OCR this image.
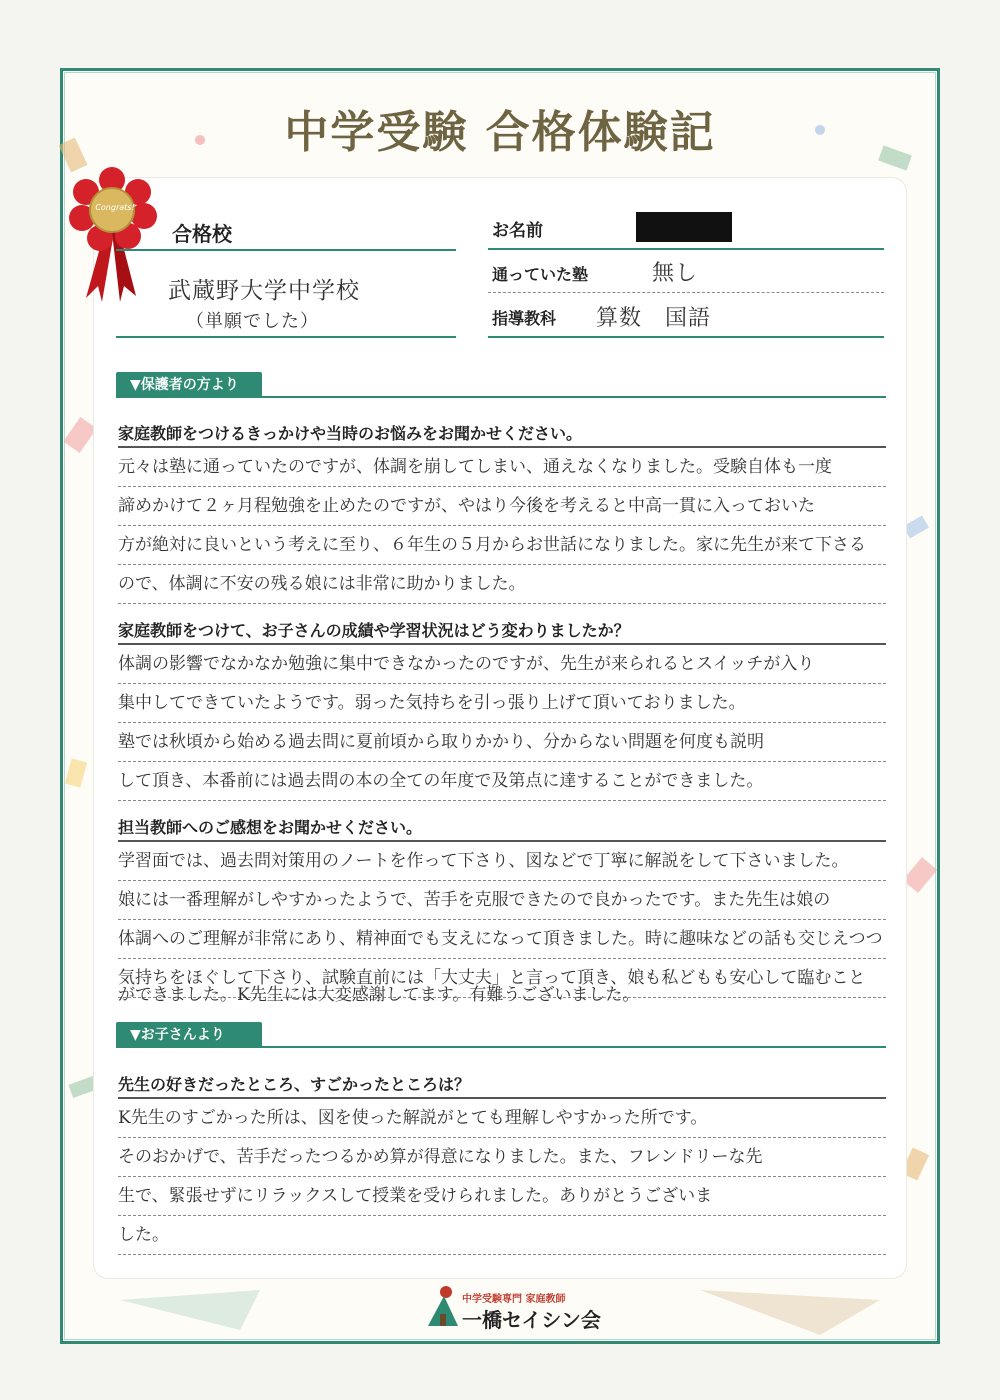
中学受験 合格体験記
Congrats!
合格校
武蔵野大学中学校
（単願でした）
お名前
通っていた塾	無し
指導教科 算数　国語
▼保護者の方より
家庭教師をつけるきっかけや当時のお悩みをお聞かせください。
元々は塾に通っていたのですが、体調を崩してしまい、通えなくなりました。受験自体も一度
諦めかけて２ヶ月程勉強を止めたのですが、やはり今後を考えると中高一貫に入っておいた
方が絶対に良いという考えに至り、６年生の５月からお世話になりました。家に先生が来て下さる
ので、体調に不安の残る娘には非常に助かりました。
家庭教師をつけて、お子さんの成績や学習状況はどう変わりましたか？
体調の影響でなかなか勉強に集中できなかったのですが、先生が来られるとスイッチが入り
集中してできていたようです。弱った気持ちを引っ張り上げて頂いておりました。
塾では秋頃から始める過去問に夏前頃から取りかかり、分からない問題を何度も説明
して頂き、本番前には過去問の本の全ての年度で及第点に達することができました。
担当教師へのご感想をお聞かせください。
学習面では、過去問対策用のノートを作って下さり、図などで丁寧に解説をして下さいました。
娘には一番理解がしやすかったようで、苦手を克服できたので良かったです。また先生は娘の
体調へのご理解が非常にあり、精神面でも支えになって頂きました。時に趣味などの話も交じえつつ
気持ちをほぐして下さり、試験直前には「大丈夫」と言って頂き、娘も私どもも安心して臨むこと
ができました。K先生には大変感謝してます。有難うございました。
▼お子さんより
先生の好きだったところ、すごかったところは？
K先生のすごかった所は、図を使った解説がとても理解しやすかった所です。
そのおかげで、苦手だったつるかめ算が得意になりました。また、フレンドリーな先
生で、緊張せずにリラックスして授業を受けられました。ありがとうございま
した。
中学受験専門 家庭教師
一橋セイシン会
